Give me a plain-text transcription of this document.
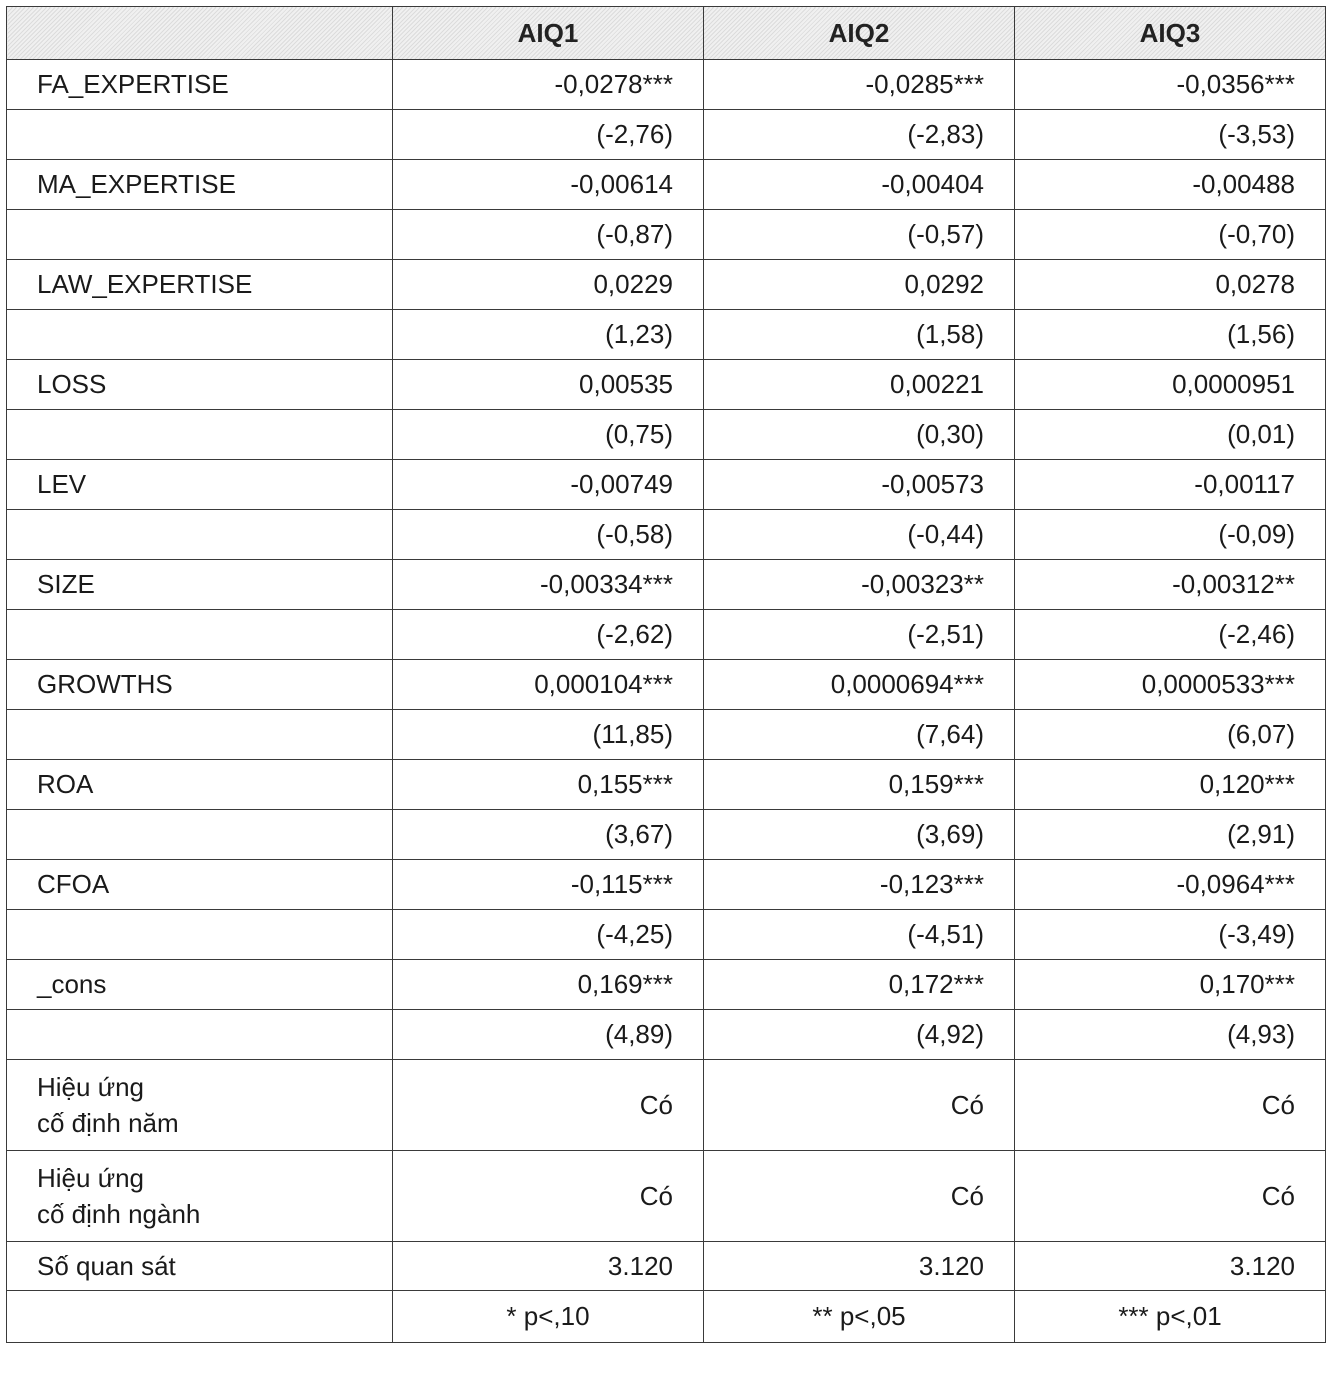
	AIQ1	AIQ2	AIQ3
FA_EXPERTISE	-0,0278***	-0,0285***	-0,0356***
	(-2,76)	(-2,83)	(-3,53)
MA_EXPERTISE	-0,00614	-0,00404	-0,00488
	(-0,87)	(-0,57)	(-0,70)
LAW_EXPERTISE	0,0229	0,0292	0,0278
	(1,23)	(1,58)	(1,56)
LOSS	0,00535	0,00221	0,0000951
	(0,75)	(0,30)	(0,01)
LEV	-0,00749	-0,00573	-0,00117
	(-0,58)	(-0,44)	(-0,09)
SIZE	-0,00334***	-0,00323**	-0,00312**
	(-2,62)	(-2,51)	(-2,46)
GROWTHS	0,000104***	0,0000694***	0,0000533***
	(11,85)	(7,64)	(6,07)
ROA	0,155***	0,159***	0,120***
	(3,67)	(3,69)	(2,91)
CFOA	-0,115***	-0,123***	-0,0964***
	(-4,25)	(-4,51)	(-3,49)
_cons	0,169***	0,172***	0,170***
	(4,89)	(4,92)	(4,93)

Hiệu ứng
cố định năm	Có	Có	Có

Hiệu ứng
cố định ngành	Có	Có	Có
Số quan sát	3.120	3.120	3.120
	* p<,10	** p<,05	*** p<,01
